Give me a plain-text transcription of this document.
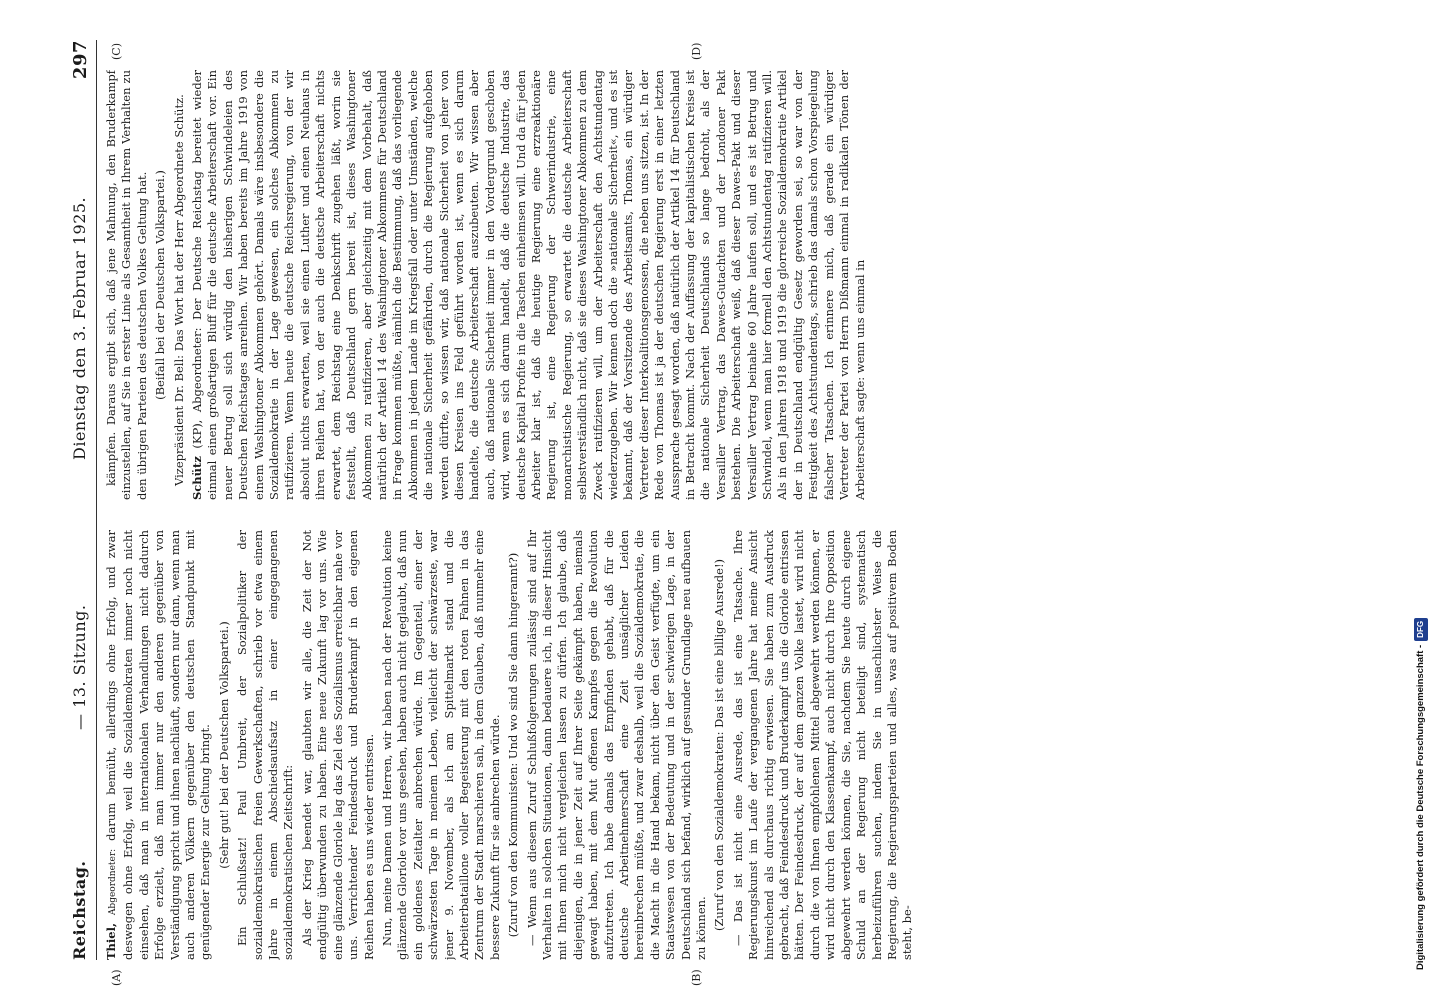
Reichstag.
— 13. Sitzung.
Dienstag den 3. Februar 1925.
297
(A)	(B)
(C)	(D)

Thiel, Abgeordneter: darum bemüht, allerdings ohne Erfolg, und zwar deswegen ohne Erfolg, weil die Sozialdemokraten immer noch nicht einsehen, daß man in internationalen Verhandlungen nicht dadurch Erfolge erzielt, daß man immer nur den anderen gegenüber von Verständigung spricht und ihnen nachläuft, sondern nur dann, wenn man auch anderen Völkern gegenüber den deutschen Standpunkt mit genügender Energie zur Geltung bringt. (Sehr gut! bei der Deutschen Volkspartei.) Ein Schlußsatz! Paul Umbreit, der Sozialpolitiker der sozialdemokratischen freien Gewerkschaften, schrieb vor etwa einem Jahre in einem Abschiedsaufsatz in einer eingegangenen sozialdemokratischen Zeitschrift: Als der Krieg beendet war, glaubten wir alle, die Zeit der Not endgültig überwunden zu haben. Eine neue Zukunft lag vor uns. Wie eine glänzende Gloriole lag das Ziel des Sozialismus erreichbar nahe vor uns. Verrichtender Feindesdruck und Bruderkampf in den eigenen Reihen haben es uns wieder entrissen. Nun, meine Damen und Herren, wir haben nach der Revolution keine glänzende Gloriole vor uns gesehen, haben auch nicht geglaubt, daß nun ein goldenes Zeitalter anbrechen würde. Im Gegenteil, einer der schwärzesten Tage in meinem Leben, vielleicht der schwärzeste, war jener 9. November, als ich am Spittelmarkt stand und die Arbeiterbataillone voller Begeisterung mit den roten Fahnen in das Zentrum der Stadt marschieren sah, in dem Glauben, daß nunmehr eine bessere Zukunft für sie anbrechen würde. (Zuruf von den Kommunisten: Und wo sind Sie dann hingerannt?) — Wenn aus diesem Zuruf Schlußfolgerungen zulässig sind auf Ihr Verhalten in solchen Situationen, dann bedauere ich, in dieser Hinsicht mit Ihnen mich nicht vergleichen lassen zu dürfen. Ich glaube, daß diejenigen, die in jener Zeit auf Ihrer Seite gekämpft haben, niemals gewagt haben, mit dem Mut offenen Kampfes gegen die Revolution aufzutreten. Ich habe damals das Empfinden gehabt, daß für die deutsche Arbeitnehmerschaft eine Zeit unsäglicher Leiden hereinbrechen müßte, und zwar deshalb, weil die Sozialdemokratie, die die Macht in die Hand bekam, nicht über den Geist verfügte, um ein Staatswesen von der Bedeutung und in der schwierigen Lage, in der Deutschland sich befand, wirklich auf gesunder Grundlage neu aufbauen zu können. (Zuruf von den Sozialdemokraten: Das ist eine billige Ausrede!) — Das ist nicht eine Ausrede, das ist eine Tatsache. Ihre Regierungskunst im Laufe der vergangenen Jahre hat meine Ansicht hinreichend als durchaus richtig erwiesen. Sie haben zum Ausdruck gebracht, daß Feindesdruck und Bruderkampf uns die Gloriole entrissen hätten. Der Feindesdruck, der auf dem ganzen Volke lastet, wird nicht durch die von Ihnen empfohlenen Mittel abgewehrt werden können, er wird nicht durch den Klassenkampf, auch nicht durch Ihre Opposition abgewehrt werden können, die Sie, nachdem Sie heute durch eigene Schuld an der Regierung nicht beteiligt sind, systematisch herbeizuführen suchen, indem Sie in unsachlichster Weise die Regierung, die Regierungsparteien und alles, was auf positivem Boden steht, be-

kämpfen. Daraus ergibt sich, daß jene Mahnung, den Bruderkampf einzustellen, auf Sie in erster Linie als Gesamtheit in Ihrem Verhalten zu den übrigen Parteien des deutschen Volkes Geltung hat. (Beifall bei der Deutschen Volkspartei.) Vizepräsident Dr. Bell: Das Wort hat der Herr Abgeordnete Schütz. Schütz (KP), Abgeordneter: Der Deutsche Reichstag bereitet wieder einmal einen großartigen Bluff für die deutsche Arbeiterschaft vor. Ein neuer Betrug soll sich würdig den bisherigen Schwindeleien des Deutschen Reichstages anreihen. Wir haben bereits im Jahre 1919 von einem Washingtoner Abkommen gehört. Damals wäre insbesondere die Sozialdemokratie in der Lage gewesen, ein solches Abkommen zu ratifizieren. Wenn heute die deutsche Reichsregierung, von der wir absolut nichts erwarten, weil sie einen Luther und einen Neuhaus in ihren Reihen hat, von der auch die deutsche Arbeiterschaft nichts erwartet, dem Reichstag eine Denkschrift zugehen läßt, worin sie feststellt, daß Deutschland gern bereit ist, dieses Washingtoner Abkommen zu ratifizieren, aber gleichzeitig mit dem Vorbehalt, daß natürlich der Artikel 14 des Washingtoner Abkommens für Deutschland in Frage kommen müßte, nämlich die Bestimmung, daß das vorliegende Abkommen in jedem Lande im Kriegsfall oder unter Umständen, welche die nationale Sicherheit gefährden, durch die Regierung aufgehoben werden dürfte, so wissen wir, daß nationale Sicherheit von jeher von diesen Kreisen ins Feld geführt worden ist, wenn es sich darum handelte, die deutsche Arbeiterschaft auszubeuten. Wir wissen aber auch, daß nationale Sicherheit immer in den Vordergrund geschoben wird, wenn es sich darum handelt, daß die deutsche Industrie, das deutsche Kapital Profite in die Taschen einheimsen will. Und da für jeden Arbeiter klar ist, daß die heutige Regierung eine erzreaktionäre Regierung ist, eine Regierung der Schwerindustrie, eine monarchistische Regierung, so erwartet die deutsche Arbeiterschaft selbstverständlich nicht, daß sie dieses Washingtoner Abkommen zu dem Zweck ratifizieren will, um der Arbeiterschaft den Achtstundentag wiederzugeben. Wir kennen doch die »nationale Sicherheit«, und es ist bekannt, daß der Vorsitzende des Arbeitsamts, Thomas, ein würdiger Vertreter dieser Interkoalitionsgenossen, die neben uns sitzen, ist. In der Rede von Thomas ist ja der deutschen Regierung erst in einer letzten Aussprache gesagt worden, daß natürlich der Artikel 14 für Deutschland in Betracht kommt. Nach der Auffassung der kapitalistischen Kreise ist die nationale Sicherheit Deutschlands so lange bedroht, als der Versailler Vertrag, das Dawes-Gutachten und der Londoner Pakt bestehen. Die Arbeiterschaft weiß, daß dieser Dawes-Pakt und dieser Versailler Vertrag beinahe 60 Jahre laufen soll, und es ist Betrug und Schwindel, wenn man hier formell den Achtstundentag ratifizieren will. Als in den Jahren 1918 und 1919 die glorreiche Sozialdemokratie Artikel der in Deutschland endgültig Gesetz geworden sei, so war von der Festigkeit des Achtstundentags, schrieb das damals schon Vorspiegelung falscher Tatsachen. Ich erinnere mich, daß gerade ein würdiger Vertreter der Partei von Herrn Dißmann einmal in radikalen Tönen der Arbeiterschaft sagte: wenn uns einmal in

Digitalisierung gefördert durch die Deutsche Forschungsgemeinschaft -DFG
